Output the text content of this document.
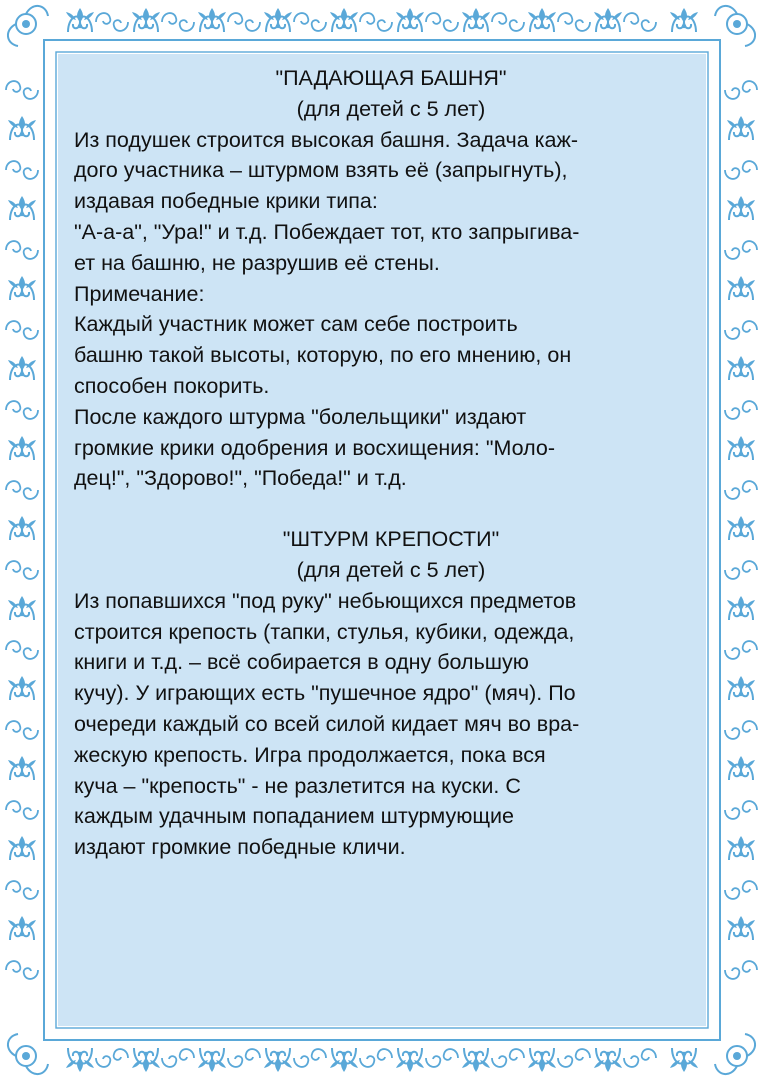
"ПАДАЮЩАЯ БАШНЯ"

(для детей с 5 лет)

Из подушек строится высокая башня. Задача каж-

дого участника – штурмом взять её (запрыгнуть),

издавая победные крики типа:

"А-а-а", "Ура!" и т.д. Побеждает тот, кто запрыгива-

ет на башню, не разрушив её стены.

Примечание:

Каждый участник может сам себе построить

башню такой высоты, которую, по его мнению, он

способен покорить.

После каждого штурма "болельщики" издают

громкие крики одобрения и восхищения: "Моло-

дец!", "Здорово!", "Победа!" и т.д.

"ШТУРМ КРЕПОСТИ"

(для детей с 5 лет)

Из попавшихся "под руку" небьющихся предметов

строится крепость (тапки, стулья, кубики, одежда,

книги и т.д. – всё собирается в одну большую

кучу). У играющих есть "пушечное ядро" (мяч). По

очереди каждый со всей силой кидает мяч во вра-

жескую крепость. Игра продолжается, пока вся

куча – "крепость" - не разлетится на куски. С

каждым удачным попаданием штурмующие

издают громкие победные кличи.
